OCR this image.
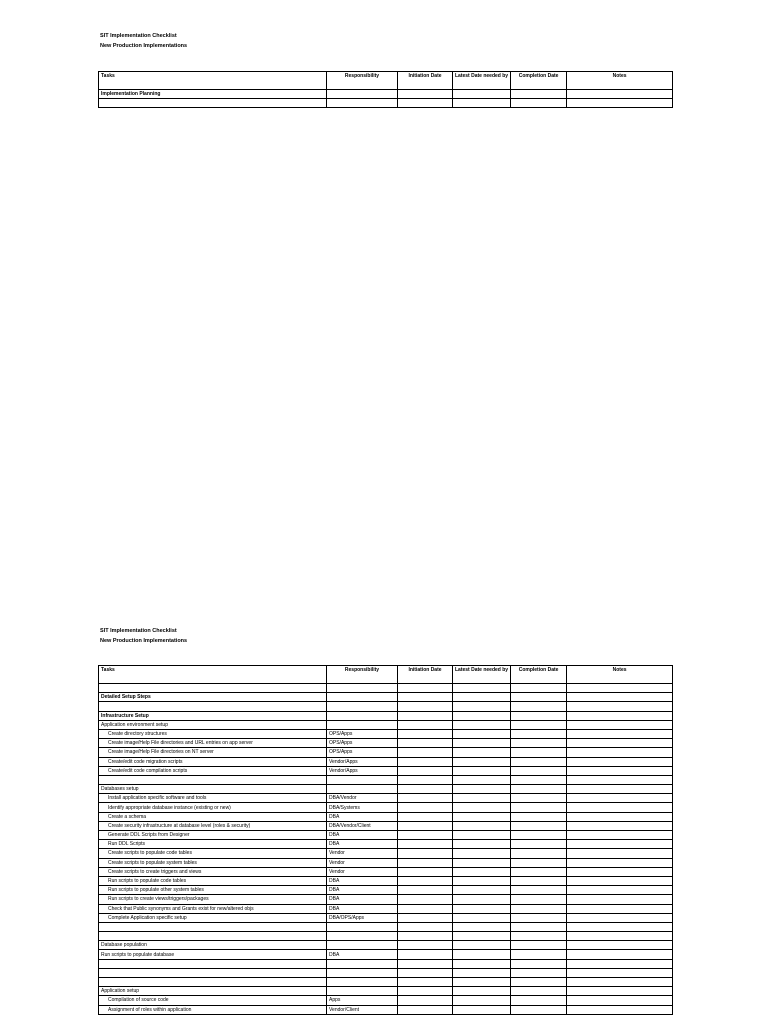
SIT Implementation Checklist
New Production Implementations
Tasks	Responsibility	Initiation Date	Latest Date needed by	Completion Date	Notes
Implementation Planning					

SIT Implementation Checklist
New Production Implementations
Tasks	Responsibility	Initiation Date	Latest Date needed by	Completion Date	Notes

Detailed Setup Steps					

Infrastructure Setup					
Application environment setup					
Create directory structures	OPS/Apps				
Create image/Help File directories and URL entries on app server	OPS/Apps				
Create image/Help File directories on NT server	OPS/Apps				
Create/edit code migration scripts	Vendor/Apps				
Create/edit code compilation scripts	Vendor/Apps				

Databases setup					
Install application specific software and tools	DBA/Vendor				
Identify appropriate database instance (existing or new)	DBA/Systems				
Create a schema	DBA				
Create security infrastructure at database level (roles & security)	DBA/Vendor/Client				
Generate DDL Scripts from Designer	DBA				
Run DDL Scripts	DBA				
Create scripts to populate code tables	Vendor				
Create scripts to populate system tables	Vendor				
Create scripts to create triggers and views	Vendor				
Run scripts to populate code tables	DBA				
Run scripts to populate other system tables	DBA				
Run scripts to create views/triggers/packages	DBA				
Check that Public synonyms and Grants exist for new/altered objs	DBA				
Complete Application specific setup	DBA/OPS/Apps				

Database population					
Run scripts to populate database	DBA				

Application setup					
Compilation of source code	Apps				
Assignment of roles within application	Vendor/Client				
